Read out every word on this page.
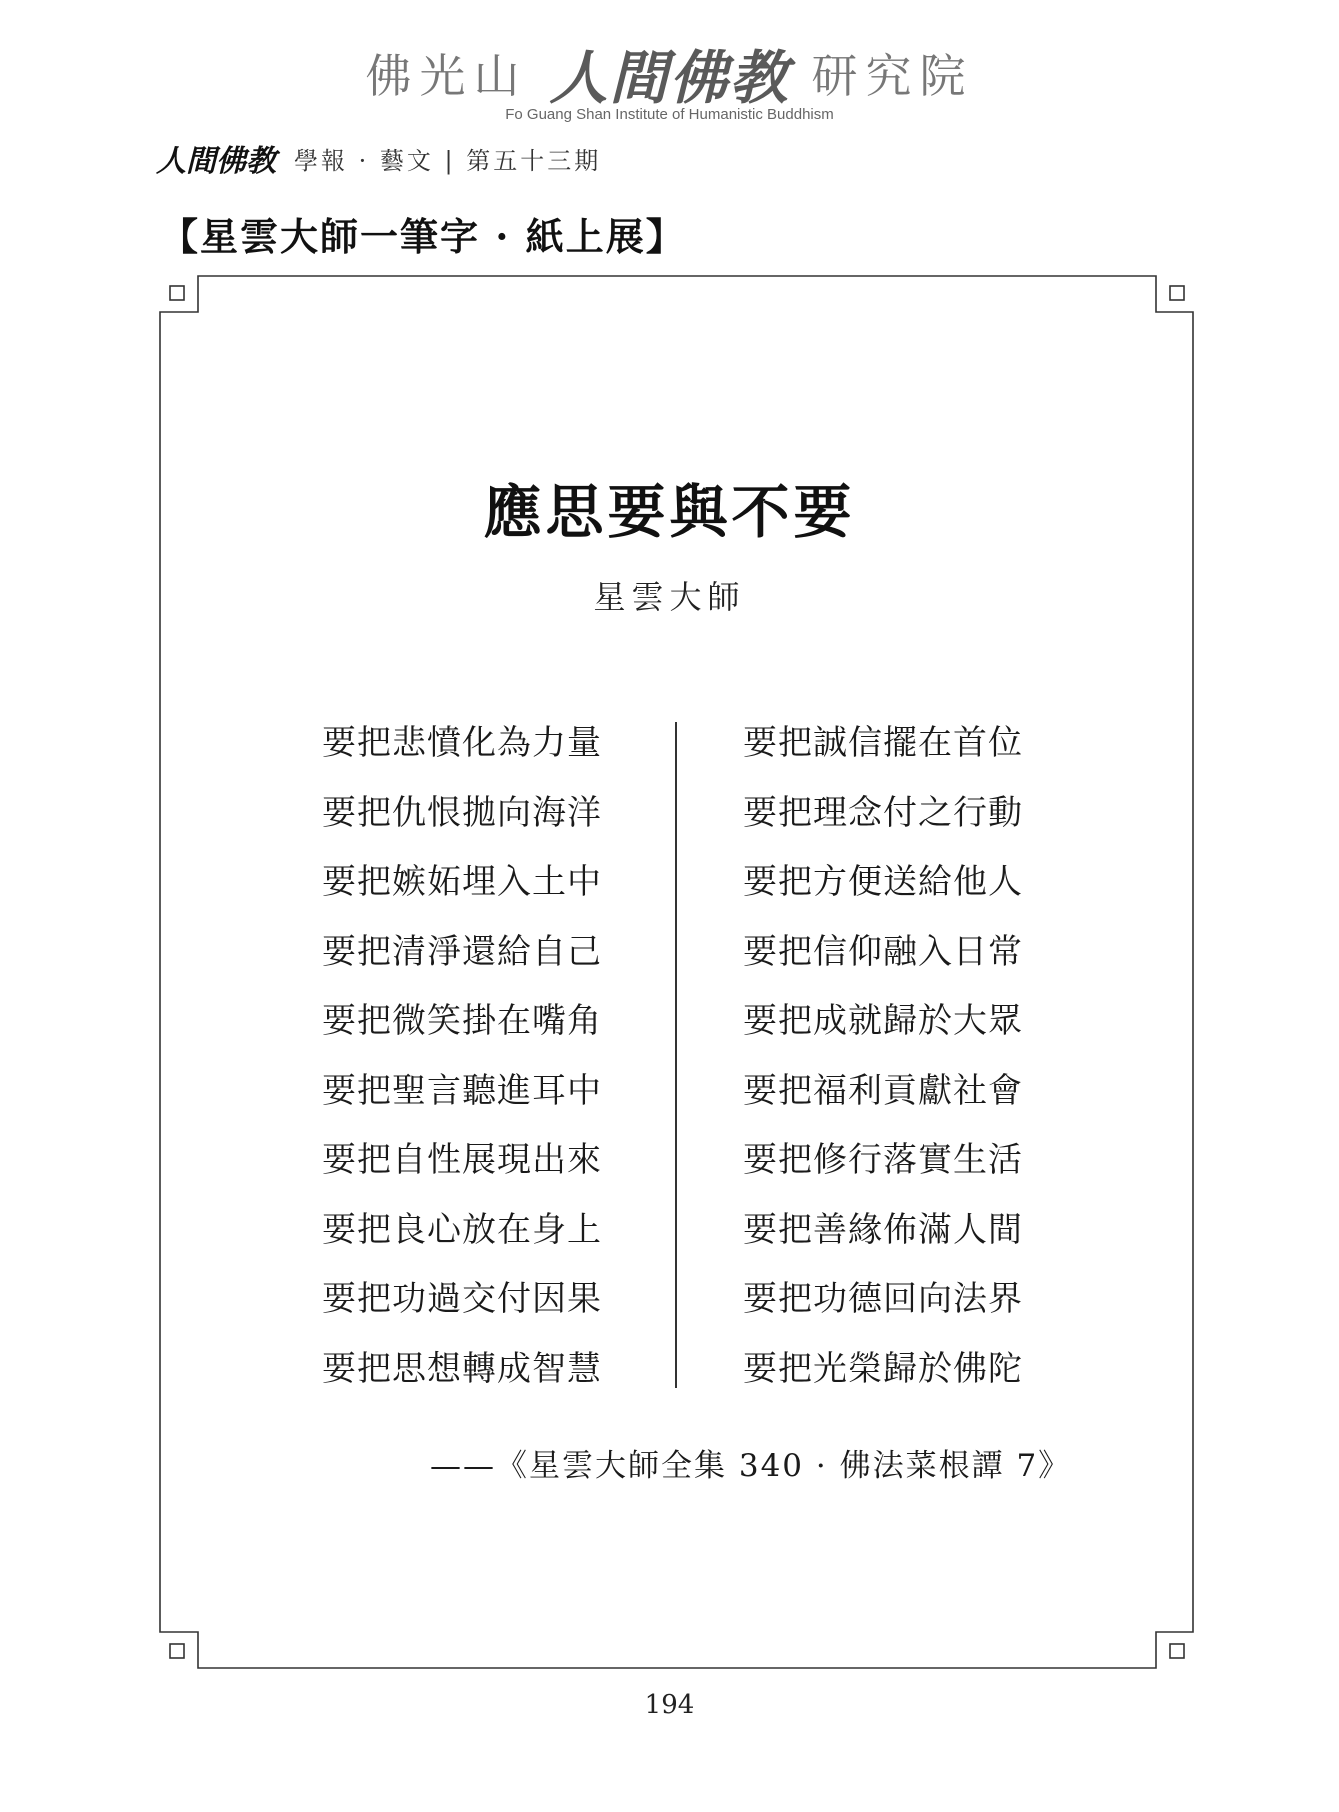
佛光山 人間佛教 研究院
Fo Guang Shan Institute of Humanistic Buddhism
人間佛教 學報 · 藝文 | 第五十三期
【星雲大師一筆字 · 紙上展】
應思要與不要
星雲大師
要把悲憤化為力量
要把仇恨拋向海洋
要把嫉妬埋入土中
要把清淨還給自己
要把微笑掛在嘴角
要把聖言聽進耳中
要把自性展現出來
要把良心放在身上
要把功過交付因果
要把思想轉成智慧
要把誠信擺在首位
要把理念付之行動
要把方便送給他人
要把信仰融入日常
要把成就歸於大眾
要把福利貢獻社會
要把修行落實生活
要把善緣佈滿人間
要把功德回向法界
要把光榮歸於佛陀
——《星雲大師全集 340 · 佛法菜根譚 7》
194
